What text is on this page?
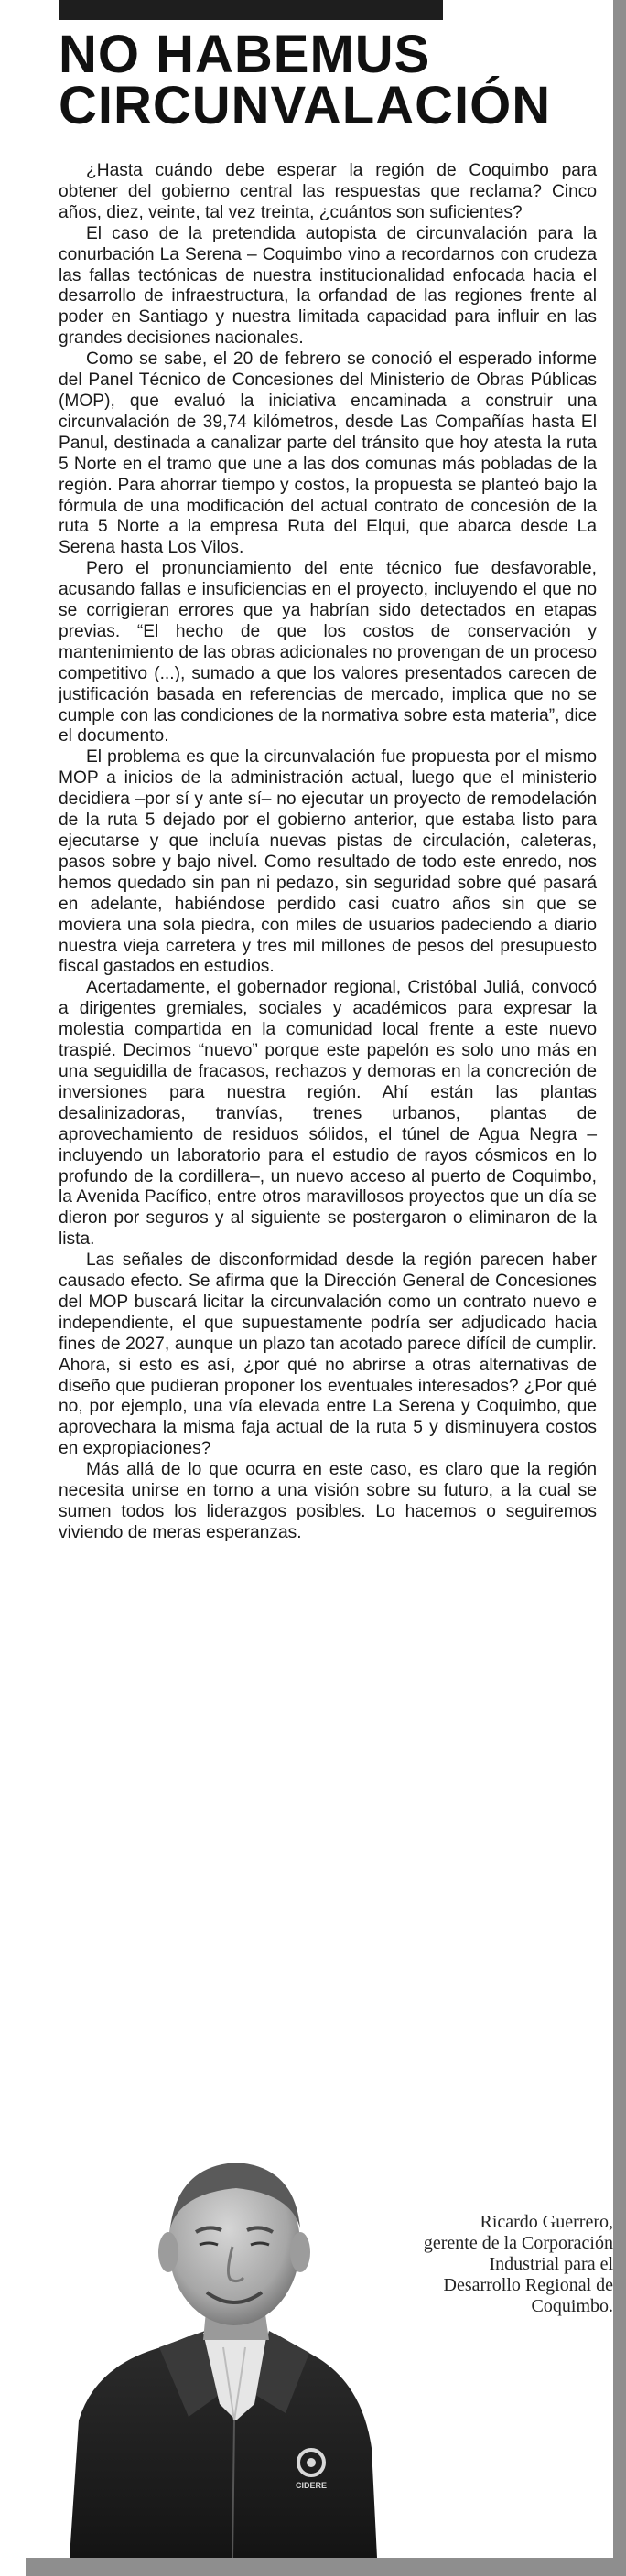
NO HABEMUS
CIRCUNVALACIÓN

¿Hasta cuándo debe esperar la región de Coquimbo para obtener del gobierno central las respuestas que reclama? Cinco años, diez, veinte, tal vez treinta, ¿cuántos son suficientes?

El caso de la pretendida autopista de circunvalación para la conurbación La Serena – Coquimbo vino a recordarnos con crudeza las fallas tectónicas de nuestra institucionalidad enfocada hacia el desarrollo de infraestructura, la orfandad de las regiones frente al poder en Santiago y nuestra limitada capacidad para influir en las grandes decisiones nacionales.

Como se sabe, el 20 de febrero se conoció el esperado informe del Panel Técnico de Concesiones del Ministerio de Obras Públicas (MOP), que evaluó la iniciativa encaminada a construir una circunvalación de 39,74 kilómetros, desde Las Compañías hasta El Panul, destinada a canalizar parte del tránsito que hoy atesta la ruta 5 Norte en el tramo que une a las dos comunas más pobladas de la región. Para ahorrar tiempo y costos, la propuesta se planteó bajo la fórmula de una modificación del actual contrato de concesión de la ruta 5 Norte a la empresa Ruta del Elqui, que abarca desde La Serena hasta Los Vilos.

Pero el pronunciamiento del ente técnico fue desfavorable, acusando fallas e insuficiencias en el proyecto, incluyendo el que no se corrigieran errores que ya habrían sido detectados en etapas previas. “El hecho de que los costos de conservación y mantenimiento de las obras adicionales no provengan de un proceso competitivo (...), sumado a que los valores presentados carecen de justificación basada en referencias de mercado, implica que no se cumple con las condiciones de la normativa sobre esta materia”, dice el documento.

El problema es que la circunvalación fue propuesta por el mismo MOP a inicios de la administración actual, luego que el ministerio decidiera –por sí y ante sí– no ejecutar un proyecto de remodelación de la ruta 5 dejado por el gobierno anterior, que estaba listo para ejecutarse y que incluía nuevas pistas de circulación, caleteras, pasos sobre y bajo nivel. Como resultado de todo este enredo, nos hemos quedado sin pan ni pedazo, sin seguridad sobre qué pasará en adelante, habiéndose perdido casi cuatro años sin que se moviera una sola piedra, con miles de usuarios padeciendo a diario nuestra vieja carretera y tres mil millones de pesos del presupuesto fiscal gastados en estudios.

Acertadamente, el gobernador regional, Cristóbal Juliá, convocó a dirigentes gremiales, sociales y académicos para expresar la molestia compartida en la comunidad local frente a este nuevo traspié. Decimos “nuevo” porque este papelón es solo uno más en una seguidilla de fracasos, rechazos y demoras en la concreción de inversiones para nuestra región. Ahí están las plantas desalinizadoras, tranvías, trenes urbanos, plantas de aprovechamiento de residuos sólidos, el túnel de Agua Negra –incluyendo un laboratorio para el estudio de rayos cósmicos en lo profundo de la cordillera–, un nuevo acceso al puerto de Coquimbo, la Avenida Pacífico, entre otros maravillosos proyectos que un día se dieron por seguros y al siguiente se postergaron o eliminaron de la lista.

Las señales de disconformidad desde la región parecen haber causado efecto. Se afirma que la Dirección General de Concesiones del MOP buscará licitar la circunvalación como un contrato nuevo e independiente, el que supuestamente podría ser adjudicado hacia fines de 2027, aunque un plazo tan acotado parece difícil de cumplir. Ahora, si esto es así, ¿por qué no abrirse a otras alternativas de diseño que pudieran proponer los eventuales interesados? ¿Por qué no, por ejemplo, una vía elevada entre La Serena y Coquimbo, que aprovechara la misma faja actual de la ruta 5 y disminuyera costos en expropiaciones?

Más allá de lo que ocurra en este caso, es claro que la región necesita unirse en torno a una visión sobre su futuro, a la cual se sumen todos los liderazgos posibles. Lo hacemos o seguiremos viviendo de meras esperanzas.

CIDERE
Ricardo Guerrero,
gerente de la Corporación
Industrial para el
Desarrollo Regional de
Coquimbo.
